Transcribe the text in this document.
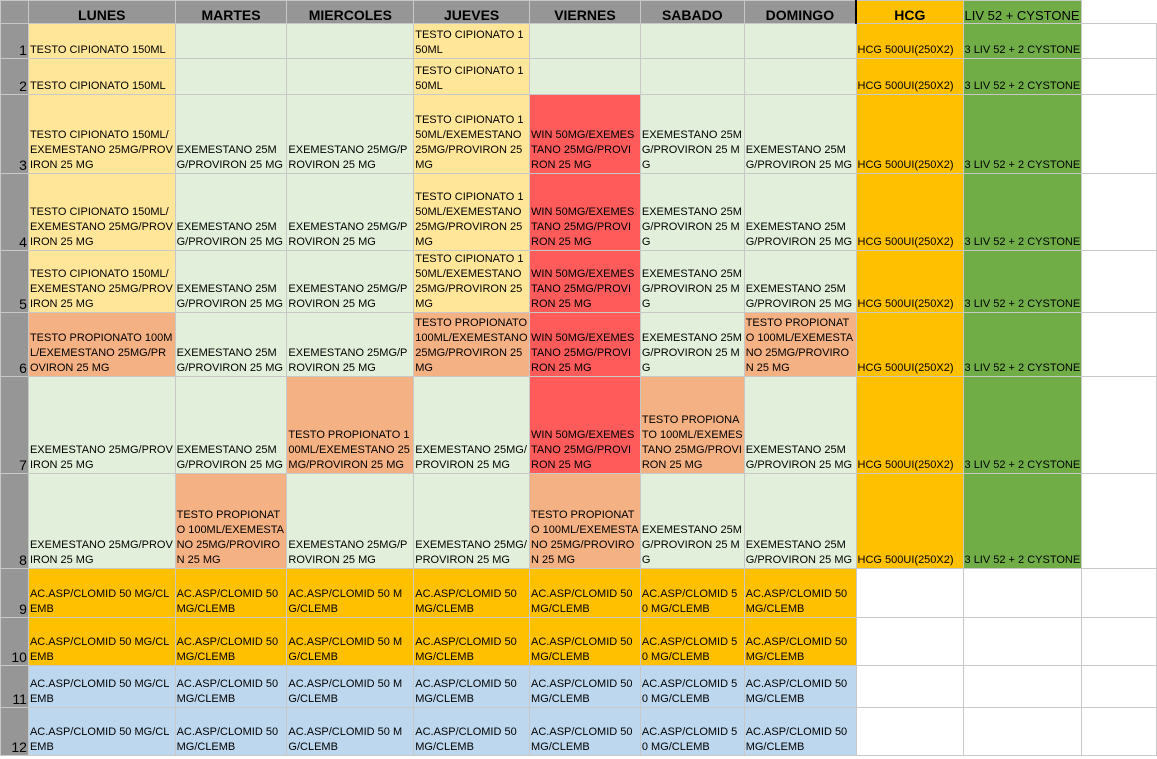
	LUNES	MARTES	MIERCOLES	JUEVES	VIERNES	SABADO	DOMINGO	HCG	LIV 52 + CYSTONE	
1	TESTO CIPIONATO 150ML			TESTO CIPIONATO 150ML				HCG 500UI(250X2)	3 LIV 52 + 2 CYSTONE	
2	TESTO CIPIONATO 150ML			TESTO CIPIONATO 150ML				HCG 500UI(250X2)	3 LIV 52 + 2 CYSTONE	
3	TESTO CIPIONATO 150ML/EXEMESTANO 25MG/PROVIRON 25 MG	EXEMESTANO 25MG/PROVIRON 25 MG	EXEMESTANO 25MG/PROVIRON 25 MG	TESTO CIPIONATO 150ML/EXEMESTANO 25MG/PROVIRON 25 MG	WIN 50MG/EXEMESTANO 25MG/PROVIRON 25 MG	EXEMESTANO 25MG/PROVIRON 25 MG	EXEMESTANO 25MG/PROVIRON 25 MG	HCG 500UI(250X2)	3 LIV 52 + 2 CYSTONE	
4	TESTO CIPIONATO 150ML/EXEMESTANO 25MG/PROVIRON 25 MG	EXEMESTANO 25MG/PROVIRON 25 MG	EXEMESTANO 25MG/PROVIRON 25 MG	TESTO CIPIONATO 150ML/EXEMESTANO 25MG/PROVIRON 25 MG	WIN 50MG/EXEMESTANO 25MG/PROVIRON 25 MG	EXEMESTANO 25MG/PROVIRON 25 MG	EXEMESTANO 25MG/PROVIRON 25 MG	HCG 500UI(250X2)	3 LIV 52 + 2 CYSTONE	
5	TESTO CIPIONATO 150ML/EXEMESTANO 25MG/PROVIRON 25 MG	EXEMESTANO 25MG/PROVIRON 25 MG	EXEMESTANO 25MG/PROVIRON 25 MG	TESTO CIPIONATO 150ML/EXEMESTANO 25MG/PROVIRON 25 MG	WIN 50MG/EXEMESTANO 25MG/PROVIRON 25 MG	EXEMESTANO 25MG/PROVIRON 25 MG	EXEMESTANO 25MG/PROVIRON 25 MG	HCG 500UI(250X2)	3 LIV 52 + 2 CYSTONE	
6	TESTO PROPIONATO 100ML/EXEMESTANO 25MG/PROVIRON 25 MG	EXEMESTANO 25MG/PROVIRON 25 MG	EXEMESTANO 25MG/PROVIRON 25 MG	TESTO PROPIONATO 100ML/EXEMESTANO 25MG/PROVIRON 25 MG	WIN 50MG/EXEMESTANO 25MG/PROVIRON 25 MG	EXEMESTANO 25MG/PROVIRON 25 MG	TESTO PROPIONATO 100ML/EXEMESTANO 25MG/PROVIRON 25 MG	HCG 500UI(250X2)	3 LIV 52 + 2 CYSTONE	
7	EXEMESTANO 25MG/PROVIRON 25 MG	EXEMESTANO 25MG/PROVIRON 25 MG	TESTO PROPIONATO 100ML/EXEMESTANO 25MG/PROVIRON 25 MG	EXEMESTANO 25MG/PROVIRON 25 MG	WIN 50MG/EXEMESTANO 25MG/PROVIRON 25 MG	TESTO PROPIONATO 100ML/EXEMESTANO 25MG/PROVIRON 25 MG	EXEMESTANO 25MG/PROVIRON 25 MG	HCG 500UI(250X2)	3 LIV 52 + 2 CYSTONE	
8	EXEMESTANO 25MG/PROVIRON 25 MG	TESTO PROPIONATO 100ML/EXEMESTANO 25MG/PROVIRON 25 MG	EXEMESTANO 25MG/PROVIRON 25 MG	EXEMESTANO 25MG/PROVIRON 25 MG	TESTO PROPIONATO 100ML/EXEMESTANO 25MG/PROVIRON 25 MG	EXEMESTANO 25MG/PROVIRON 25 MG	EXEMESTANO 25MG/PROVIRON 25 MG	HCG 500UI(250X2)	3 LIV 52 + 2 CYSTONE	
9	AC.ASP/CLOMID 50 MG/CLEMB	AC.ASP/CLOMID 50 MG/CLEMB	AC.ASP/CLOMID 50 MG/CLEMB	AC.ASP/CLOMID 50 MG/CLEMB	AC.ASP/CLOMID 50 MG/CLEMB	AC.ASP/CLOMID 50 MG/CLEMB	AC.ASP/CLOMID 50 MG/CLEMB			
10	AC.ASP/CLOMID 50 MG/CLEMB	AC.ASP/CLOMID 50 MG/CLEMB	AC.ASP/CLOMID 50 MG/CLEMB	AC.ASP/CLOMID 50 MG/CLEMB	AC.ASP/CLOMID 50 MG/CLEMB	AC.ASP/CLOMID 50 MG/CLEMB	AC.ASP/CLOMID 50 MG/CLEMB			
11	AC.ASP/CLOMID 50 MG/CLEMB	AC.ASP/CLOMID 50 MG/CLEMB	AC.ASP/CLOMID 50 MG/CLEMB	AC.ASP/CLOMID 50 MG/CLEMB	AC.ASP/CLOMID 50 MG/CLEMB	AC.ASP/CLOMID 50 MG/CLEMB	AC.ASP/CLOMID 50 MG/CLEMB			
12	AC.ASP/CLOMID 50 MG/CLEMB	AC.ASP/CLOMID 50 MG/CLEMB	AC.ASP/CLOMID 50 MG/CLEMB	AC.ASP/CLOMID 50 MG/CLEMB	AC.ASP/CLOMID 50 MG/CLEMB	AC.ASP/CLOMID 50 MG/CLEMB	AC.ASP/CLOMID 50 MG/CLEMB			
